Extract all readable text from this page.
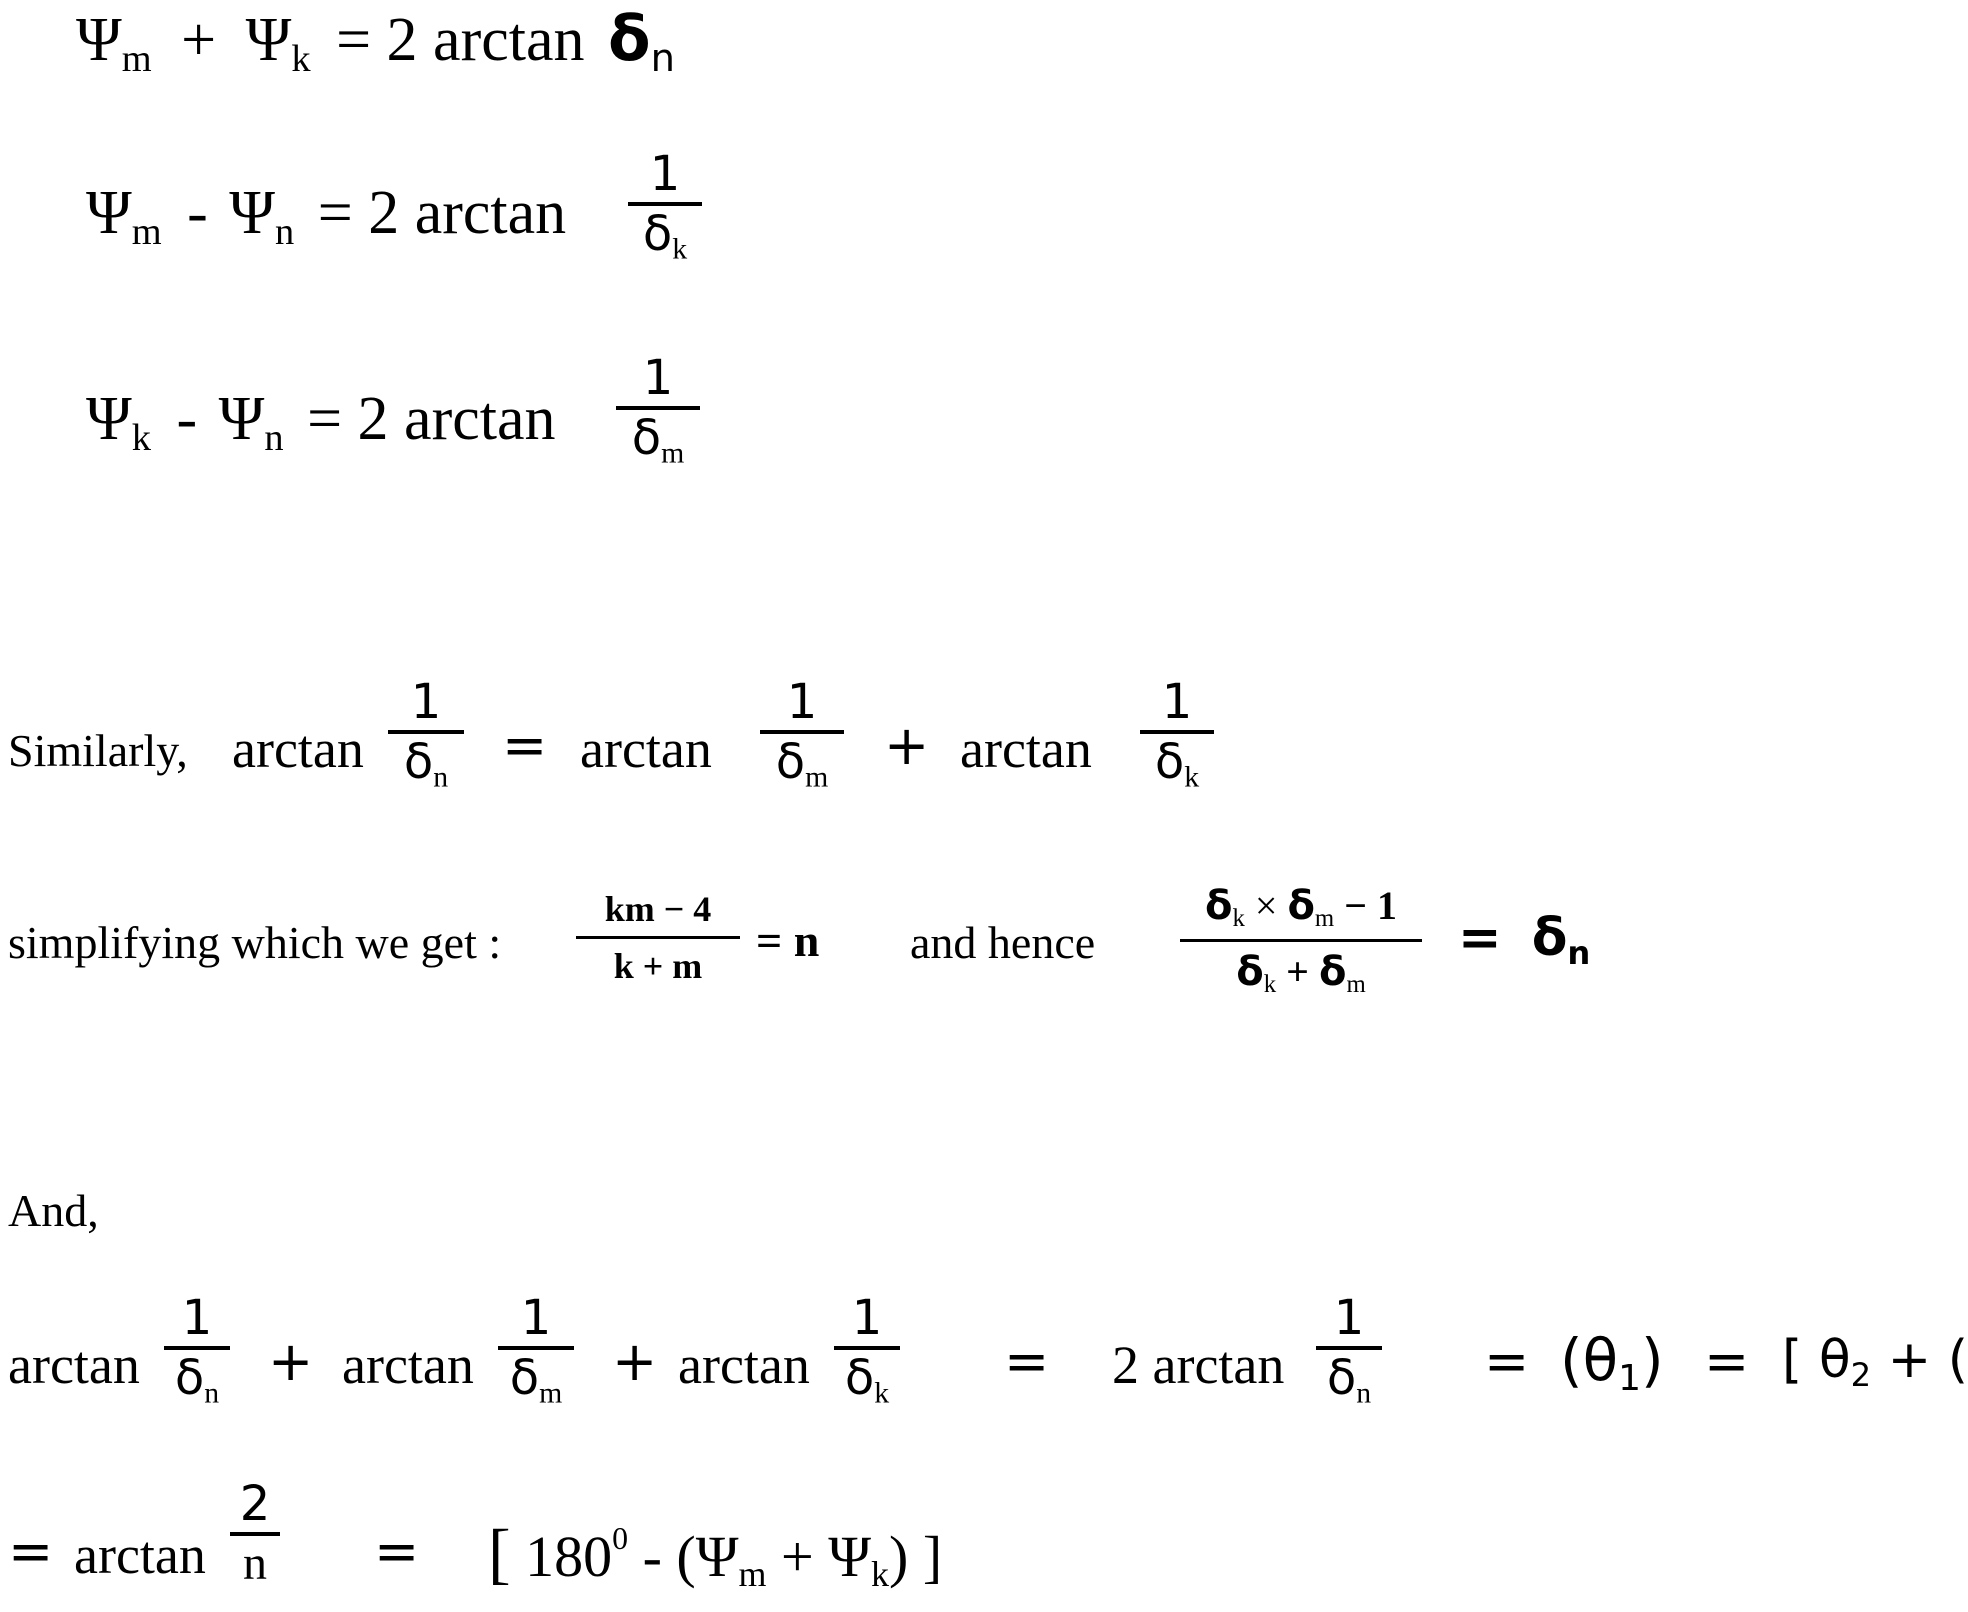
$\Psi_m + \Psi_k = 2$ $\arctan \delta_n$
$\Psi_m - \Psi_n = 2$ arctan
1
$\delta_k$
$\Psi_k - \Psi_n = 2$ arctan
1
$\delta_m$
Similarly, arctan
1
$\delta_n = \arctan$
1
$\delta_m + \arctan$
1
$\delta_k$
simplifying which we get :
km − 4
k + m	= n and hence
$\delta_k \times \delta_m - 1$
$\delta_k + \delta_m$
= $\delta_n$
And,
arctan
1
$\delta_n + \arctan$
1
$\delta_m + \arctan$
1
$\delta_k = 2$ arctan
1
$\delta_n = (\theta_1)$ = [ $\theta_2$ + (
= arctan
2
n = [ $180^0 - (\Psi_m + \Psi_k)$ ]
